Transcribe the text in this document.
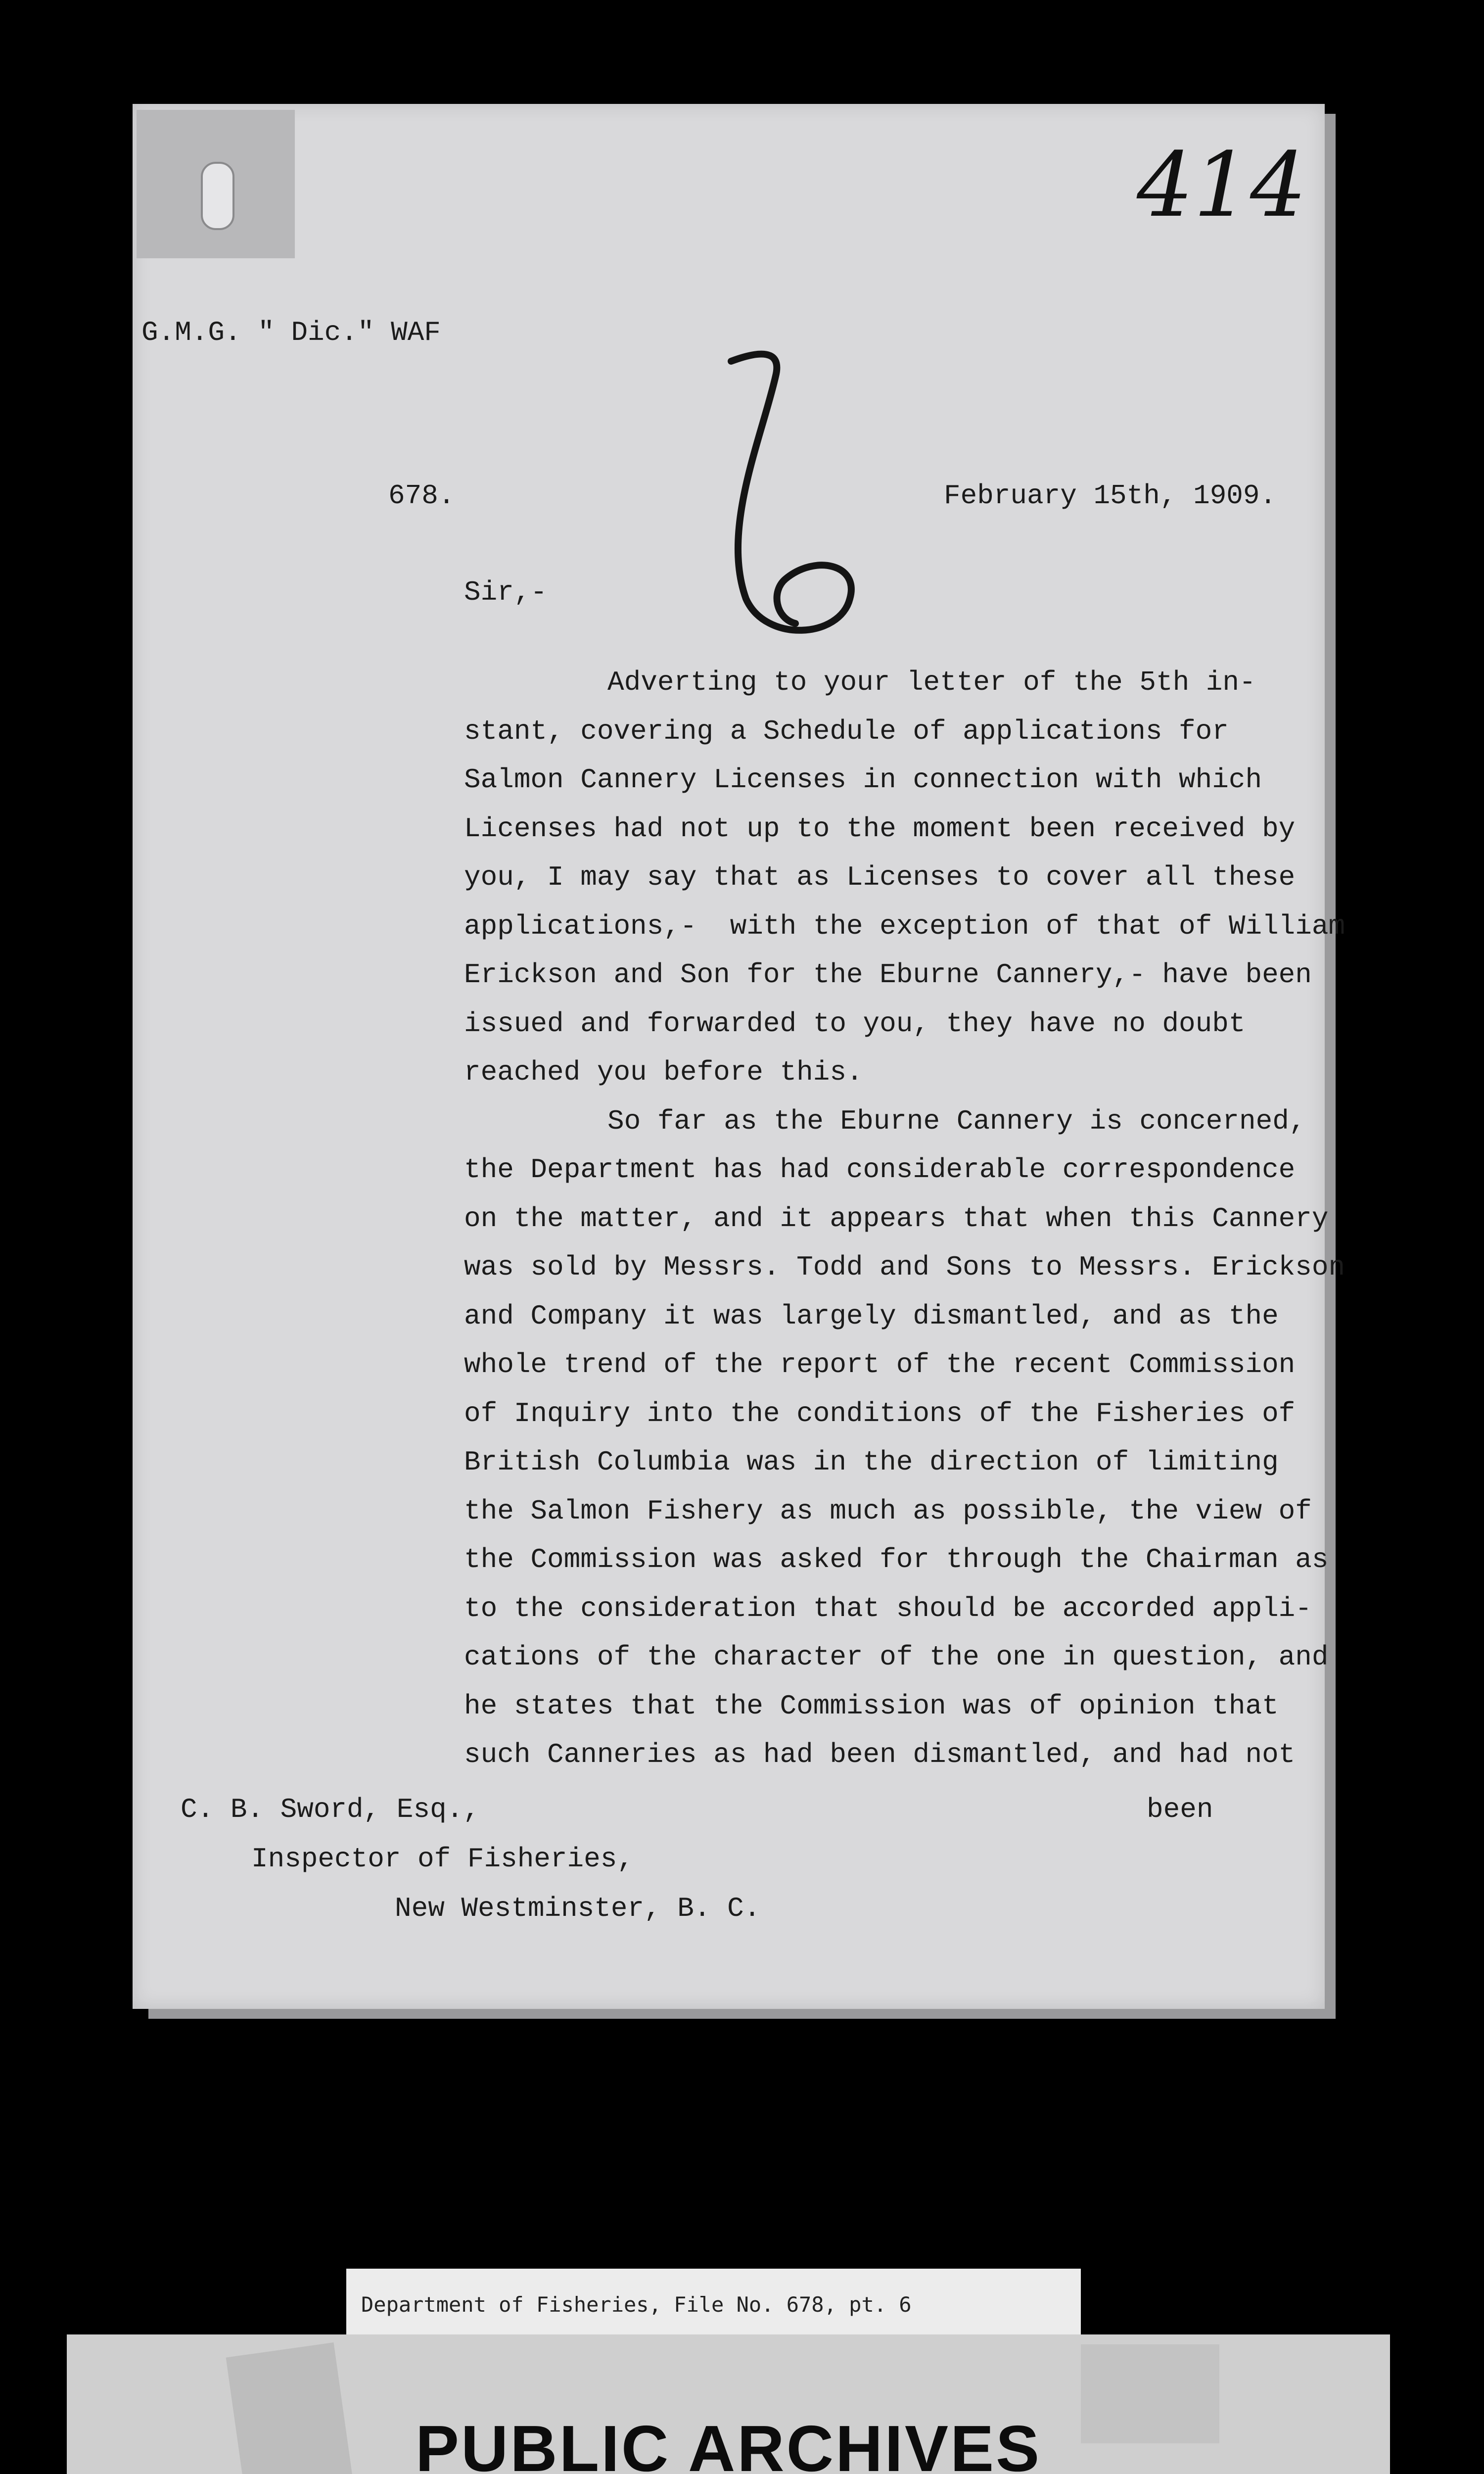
414
G.M.G. " Dic." WAF
678.	February 15th, 1909.
Sir,-
Adverting to your letter of the 5th in-
stant, covering a Schedule of applications for
Salmon Cannery Licenses in connection with which
Licenses had not up to the moment been received by
you, I may say that as Licenses to cover all these
applications,-  with the exception of that of William
Erickson and Son for the Eburne Cannery,- have been
issued and forwarded to you, they have no doubt
reached you before this.
So far as the Eburne Cannery is concerned,
the Department has had considerable correspondence
on the matter, and it appears that when this Cannery
was sold by Messrs. Todd and Sons to Messrs. Erickson
and Company it was largely dismantled, and as the
whole trend of the report of the recent Commission
of Inquiry into the conditions of the Fisheries of
British Columbia was in the direction of limiting
the Salmon Fishery as much as possible, the view of
the Commission was asked for through the Chairman as
to the consideration that should be accorded appli-
cations of the character of the one in question, and
he states that the Commission was of opinion that
such Canneries as had been dismantled, and had not
C. B. Sword, Esq.,	been
Inspector of Fisheries,
New Westminster, B. C.
Department of Fisheries, File No. 678, pt. 6
PUBLIC ARCHIVES
